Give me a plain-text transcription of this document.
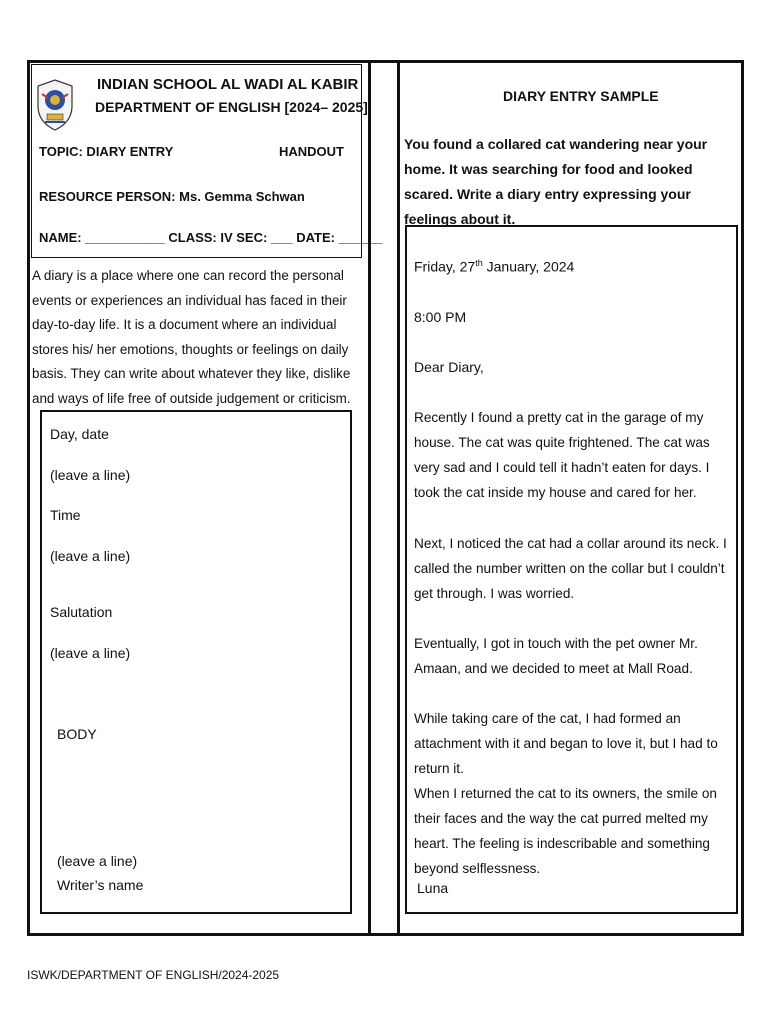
INDIAN SCHOOL AL WADI AL KABIR
DEPARTMENT OF ENGLISH [2024– 2025]
TOPIC: DIARY ENTRY	HANDOUT
RESOURCE PERSON: Ms. Gemma Schwan
NAME: ___________ CLASS: IV SEC: ___ DATE: ______
A diary is a place where one can record the personal events or experiences an individual has faced in their day-to-day life. It is a document where an individual stores his/ her emotions, thoughts or feelings on daily basis. They can write about whatever they like, dislike and ways of life free of outside judgement or criticism.
Day, date
(leave a line)
Time
(leave a line)
Salutation
(leave a line)
BODY
(leave a line)
Writer’s name
DIARY ENTRY SAMPLE
You found a collared cat wandering near your home. It was searching for food and looked scared. Write a diary entry expressing your feelings about it.
Friday, 27th January, 2024
8:00 PM
Dear Diary,
Recently I found a pretty cat in the garage of my house. The cat was quite frightened. The cat was very sad and I could tell it hadn’t eaten for days. I took the cat inside my house and cared for her.
Next, I noticed the cat had a collar around its neck. I called the number written on the collar but I couldn’t get through. I was worried.
Eventually, I got in touch with the pet owner Mr. Amaan, and we decided to meet at Mall Road.
While taking care of the cat, I had formed an attachment with it and began to love it, but I had to return it.
When I returned the cat to its owners, the smile on their faces and the way the cat purred melted my heart. The feeling is indescribable and something beyond selflessness.
Luna
ISWK/DEPARTMENT OF ENGLISH/2024-2025
